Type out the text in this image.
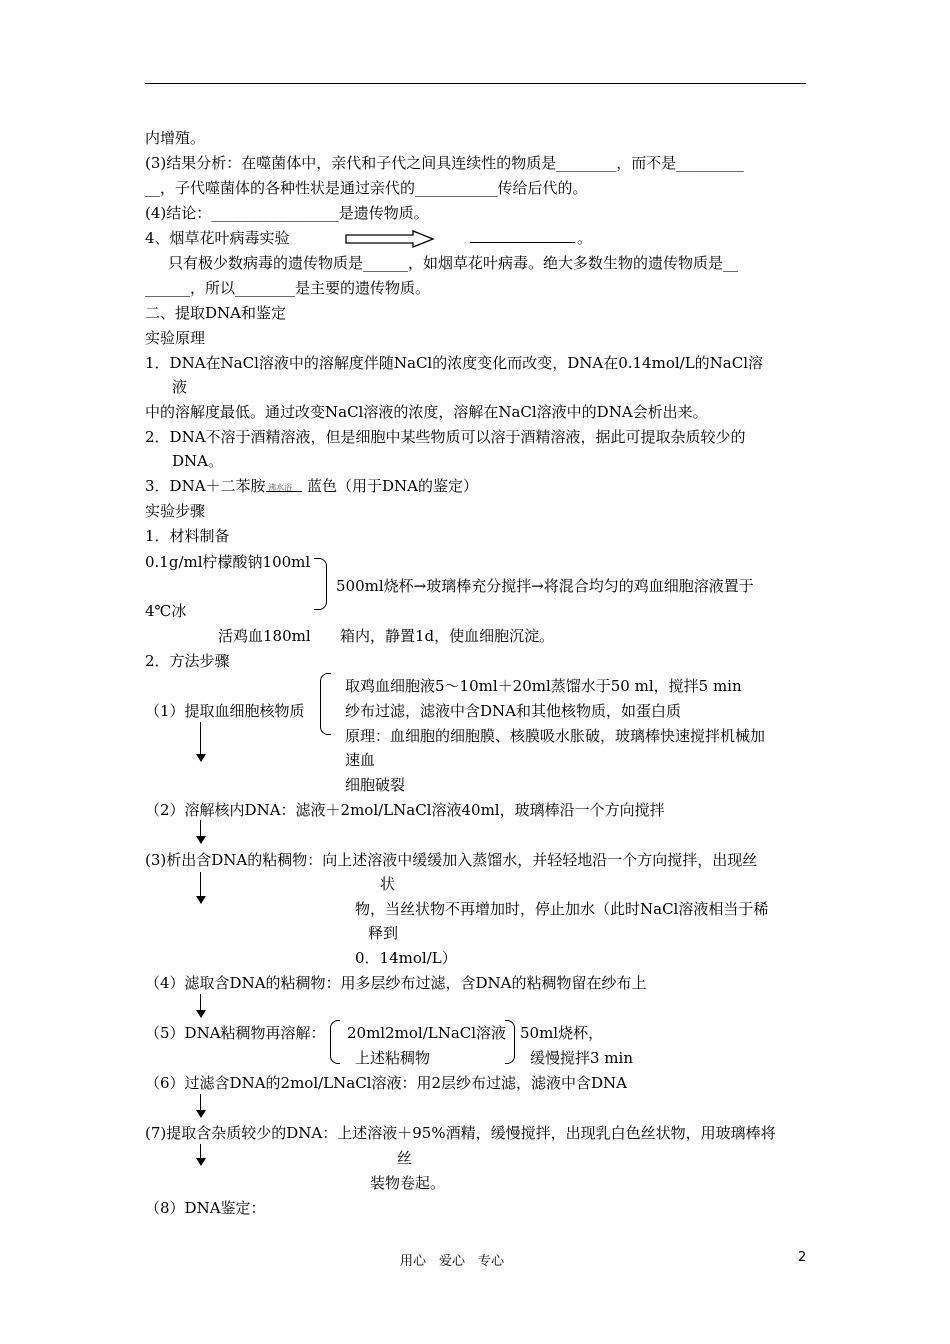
内增殖。
(3)结果分析：在噬菌体中，亲代和子代之间具连续性的物质是________，而不是_________
__，子代噬菌体的各种性状是通过亲代的___________传给后代的。
(4)结论：_________________是遗传物质。
4、烟草花叶病毒实验	。
只有极少数病毒的遗传物质是______，如烟草花叶病毒。绝大多数生物的遗传物质是__
______，所以________是主要的遗传物质。
二、提取DNA和鉴定
实验原理
1．DNA在NaCl溶液中的溶解度伴随NaCl的浓度变化而改变，DNA在0.14mol/L的NaCl溶
液
中的溶解度最低。通过改变NaCl溶液的浓度，溶解在NaCl溶液中的DNA会析出来。
2．DNA不溶于酒精溶液，但是细胞中某些物质可以溶于酒精溶液，据此可提取杂质较少的
DNA。
3．DNA＋二苯胺 沸水浴 蓝色（用于DNA的鉴定）
实验步骤
1．材料制备
0.1g/ml柠檬酸钠100ml
500ml烧杯→玻璃棒充分搅拌→将混合均匀的鸡血细胞溶液置于
4℃冰
活鸡血180ml 箱内，静置1d，使血细胞沉淀。
2．方法步骤
取鸡血细胞液5～10ml＋20ml蒸馏水于50 ml，搅拌5 min
（1）提取血细胞核物质	纱布过滤，滤液中含DNA和其他核物质，如蛋白质
原理：血细胞的细胞膜、核膜吸水胀破，玻璃棒快速搅拌机械加
速血
细胞破裂
（2）溶解核内DNA：滤液＋2mol/LNaCl溶液40ml，玻璃棒沿一个方向搅拌
(3)析出含DNA的粘稠物：向上述溶液中缓缓加入蒸馏水，并轻轻地沿一个方向搅拌，出现丝
状
物，当丝状物不再增加时，停止加水（此时NaCl溶液相当于稀
释到
0．14mol/L）
（4）滤取含DNA的粘稠物：用多层纱布过滤，含DNA的粘稠物留在纱布上
（5）DNA粘稠物再溶解： 20ml2mol/LNaCl溶液 50ml烧杯，
上述粘稠物	缓慢搅拌3 min
（6）过滤含DNA的2mol/LNaCl溶液：用2层纱布过滤，滤液中含DNA
(7)提取含杂质较少的DNA：上述溶液＋95%酒精，缓慢搅拌，出现乳白色丝状物，用玻璃棒将
丝
装物卷起。
（8）DNA鉴定：
用心　爱心　专心	2
